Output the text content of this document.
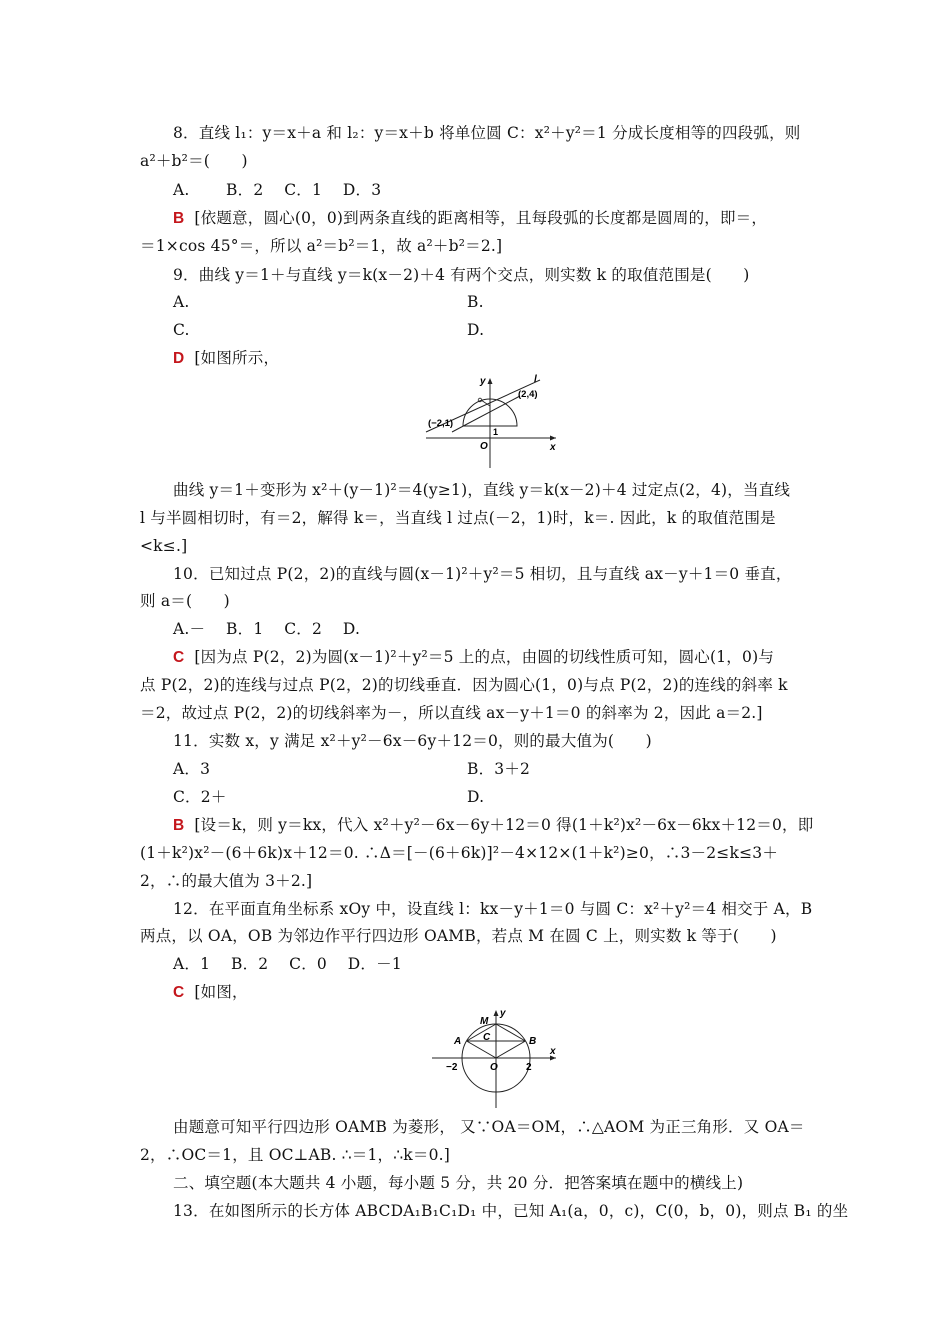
8．直线 l₁：y＝x＋a 和 l₂：y＝x＋b 将单位圆 C：x²＋y²＝1 分成长度相等的四段弧，则
a²＋b²＝(　　)
A.　　 B．2　 C．1　 D．3
B [依题意，圆心(0，0)到两条直线的距离相等，且每段弧的长度都是圆周的，即＝，
＝1×cos 45°＝，所以 a²＝b²＝1，故 a²＋b²＝2.]
9．曲线 y＝1＋与直线 y＝k(x－2)＋4 有两个交点，则实数 k 的取值范围是(　　)
A.	B.
C.	D.
D [如图所示，
y	l
(2,4)
(−2,1)
O
1
x
曲线 y＝1＋变形为 x²＋(y－1)²＝4(y≥1)，直线 y＝k(x－2)＋4 过定点(2，4)，当直线
l 与半圆相切时，有＝2，解得 k＝，当直线 l 过点(－2，1)时，k＝. 因此，k 的取值范围是
<k≤.]
10．已知过点 P(2，2)的直线与圆(x－1)²＋y²＝5 相切，且与直线 ax－y＋1＝0 垂直，
则 a＝(　　)
A.－　 B．1　 C．2　 D.
C [因为点 P(2，2)为圆(x－1)²＋y²＝5 上的点，由圆的切线性质可知，圆心(1，0)与
点 P(2，2)的连线与过点 P(2，2)的切线垂直．因为圆心(1，0)与点 P(2，2)的连线的斜率 k
＝2，故过点 P(2，2)的切线斜率为－，所以直线 ax－y＋1＝0 的斜率为 2，因此 a＝2.]
11．实数 x，y 满足 x²＋y²－6x－6y＋12＝0，则的最大值为(　　)
A．3	B．3＋2
C．2＋	D.
B [设＝k，则 y＝kx，代入 x²＋y²－6x－6y＋12＝0 得(1＋k²)x²－6x－6kx＋12＝0，即
(1＋k²)x²－(6＋6k)x＋12＝0. ∴Δ＝[－(6＋6k)]²－4×12×(1＋k²)≥0，∴3－2≤k≤3＋
2，∴的最大值为 3＋2.]
12．在平面直角坐标系 xOy 中，设直线 l：kx－y＋1＝0 与圆 C：x²＋y²＝4 相交于 A，B
两点，以 OA，OB 为邻边作平行四边形 OAMB，若点 M 在圆 C 上，则实数 k 等于(　　)
A．1　 B．2　 C．0　 D．－1
C [如图，
y
M
A C	B
−2	O	2
x
由题意可知平行四边形 OAMB 为菱形， 又∵OA＝OM，∴△AOM 为正三角形．又 OA＝
2，∴OC＝1，且 OC⊥AB. ∴＝1，∴k＝0.]
二、填空题(本大题共 4 小题，每小题 5 分，共 20 分．把答案填在题中的横线上)
13．在如图所示的长方体 ABCDA₁B₁C₁D₁ 中，已知 A₁(a，0，c)，C(0，b，0)，则点 B₁ 的坐
